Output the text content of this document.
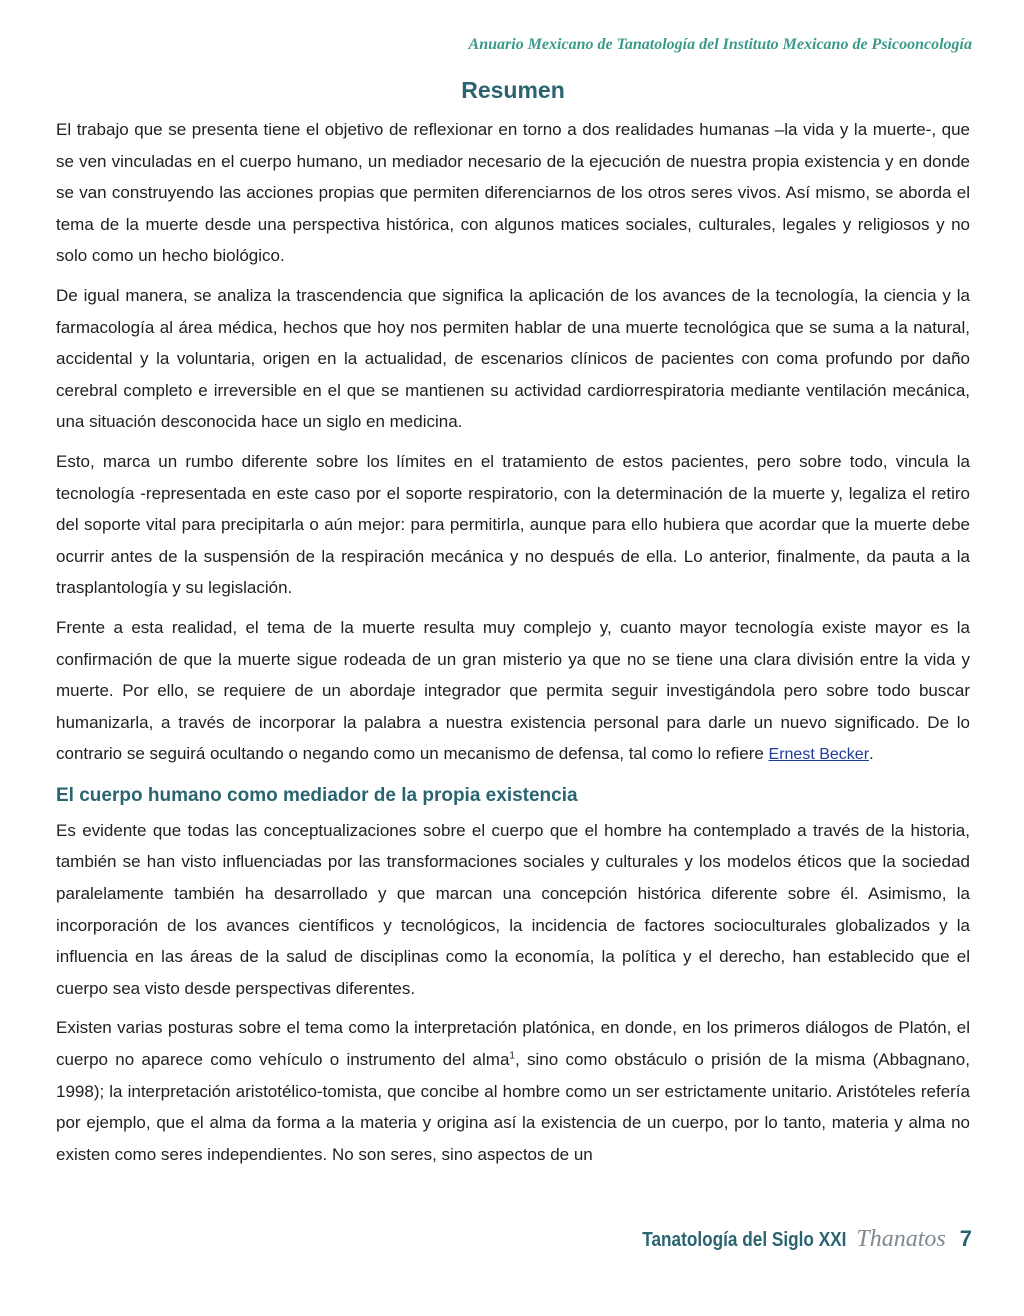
Anuario Mexicano de Tanatología del Instituto Mexicano de Psicooncología
Resumen

El trabajo que se presenta tiene el objetivo de reflexionar en torno a dos realidades humanas –la vida y la muerte-, que se ven vinculadas en el cuerpo humano, un mediador necesario de la ejecución de nuestra propia existencia y en donde se van construyendo las acciones propias que permiten diferenciarnos de los otros seres vivos. Así mismo, se aborda el tema de la muerte desde una perspectiva histórica, con algunos matices sociales, culturales, legales y religiosos y no solo como un hecho biológico.

De igual manera, se analiza la trascendencia que significa la aplicación de los avances de la tecnología, la ciencia y la farmacología al área médica, hechos que hoy nos permiten hablar de una muerte tecnológica que se suma a la natural, accidental y la voluntaria, origen en la actualidad, de escenarios clínicos de pacientes con coma profundo por daño cerebral completo e irreversible en el que se mantienen su actividad cardiorrespiratoria mediante ventilación mecánica, una situación desconocida hace un siglo en medicina.

Esto, marca un rumbo diferente sobre los límites en el tratamiento de estos pacientes, pero sobre todo, vincula la tecnología -representada en este caso por el soporte respiratorio, con la determinación de la muerte y, legaliza el retiro del soporte vital para precipitarla o aún mejor: para permitirla, aunque para ello hubiera que acordar que la muerte debe ocurrir antes de la suspensión de la respiración mecánica y no después de ella. Lo anterior, finalmente, da pauta a la trasplantología y su legislación.

Frente a esta realidad, el tema de la muerte resulta muy complejo y, cuanto mayor tecnología existe mayor es la confirmación de que la muerte sigue rodeada de un gran misterio ya que no se tiene una clara división entre la vida y muerte. Por ello, se requiere de un abordaje integrador que permita seguir investigándola pero sobre todo buscar humanizarla, a través de incorporar la palabra a nuestra existencia personal para darle un nuevo significado. De lo contrario se seguirá ocultando o negando como un mecanismo de defensa, tal como lo refiere Ernest Becker.

El cuerpo humano como mediador de la propia existencia

Es evidente que todas las conceptualizaciones sobre el cuerpo que el hombre ha contemplado a través de la historia, también se han visto influenciadas por las transformaciones sociales y culturales y los modelos éticos que la sociedad paralelamente también ha desarrollado y que marcan una concepción histórica diferente sobre él. Asimismo, la incorporación de los avances científicos y tecnológicos, la incidencia de factores socioculturales globalizados y la influencia en las áreas de la salud de disciplinas como la economía, la política y el derecho, han establecido que el cuerpo sea visto desde perspectivas diferentes.

Existen varias posturas sobre el tema como la interpretación platónica, en donde, en los primeros diálogos de Platón, el cuerpo no aparece como vehículo o instrumento del alma$^1$, sino como obstáculo o prisión de la misma (Abbagnano, 1998); la interpretación aristotélico-tomista, que concibe al hombre como un ser estrictamente unitario. Aristóteles refería por ejemplo, que el alma da forma a la materia y origina así la existencia de un cuerpo, por lo tanto, materia y alma no existen como seres independientes. No son seres, sino aspectos de un

Tanatología del Siglo XXI Thanatos 7
